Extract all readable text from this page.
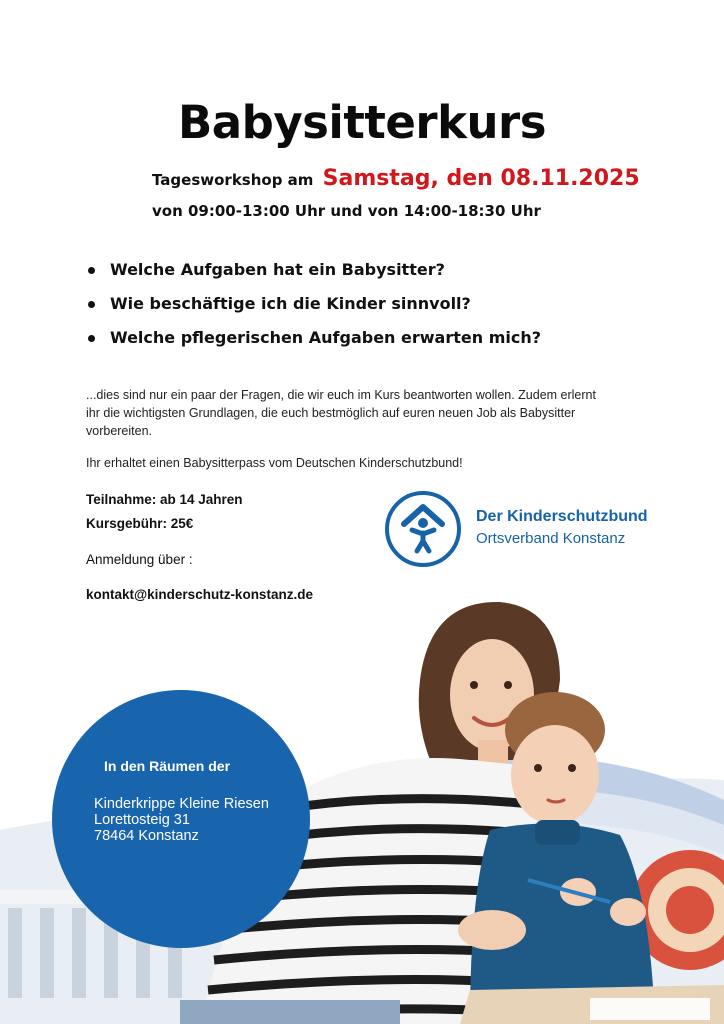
Babysitterkurs
Tagesworkshop am Samstag, den 08.11.2025
von 09:00-13:00 Uhr und von 14:00-18:30 Uhr
Welche Aufgaben hat ein Babysitter?
Wie beschäftige ich die Kinder sinnvoll?
Welche pflegerischen Aufgaben erwarten mich?
...dies sind nur ein paar der Fragen, die wir euch im Kurs beantworten wollen. Zudem erlernt ihr die wichtigsten Grundlagen, die euch bestmöglich auf euren neuen Job als Babysitter vorbereiten.
Ihr erhaltet einen Babysitterpass vom Deutschen Kinderschutzbund!
Teilnahme: ab 14 Jahren
Kursgebühr: 25€
Anmeldung über :
kontakt@kinderschutz-konstanz.de
Der Kinderschutzbund
Ortsverband Konstanz
In den Räumen der
Kinderkrippe Kleine Riesen
Lorettosteig 31
78464 Konstanz
